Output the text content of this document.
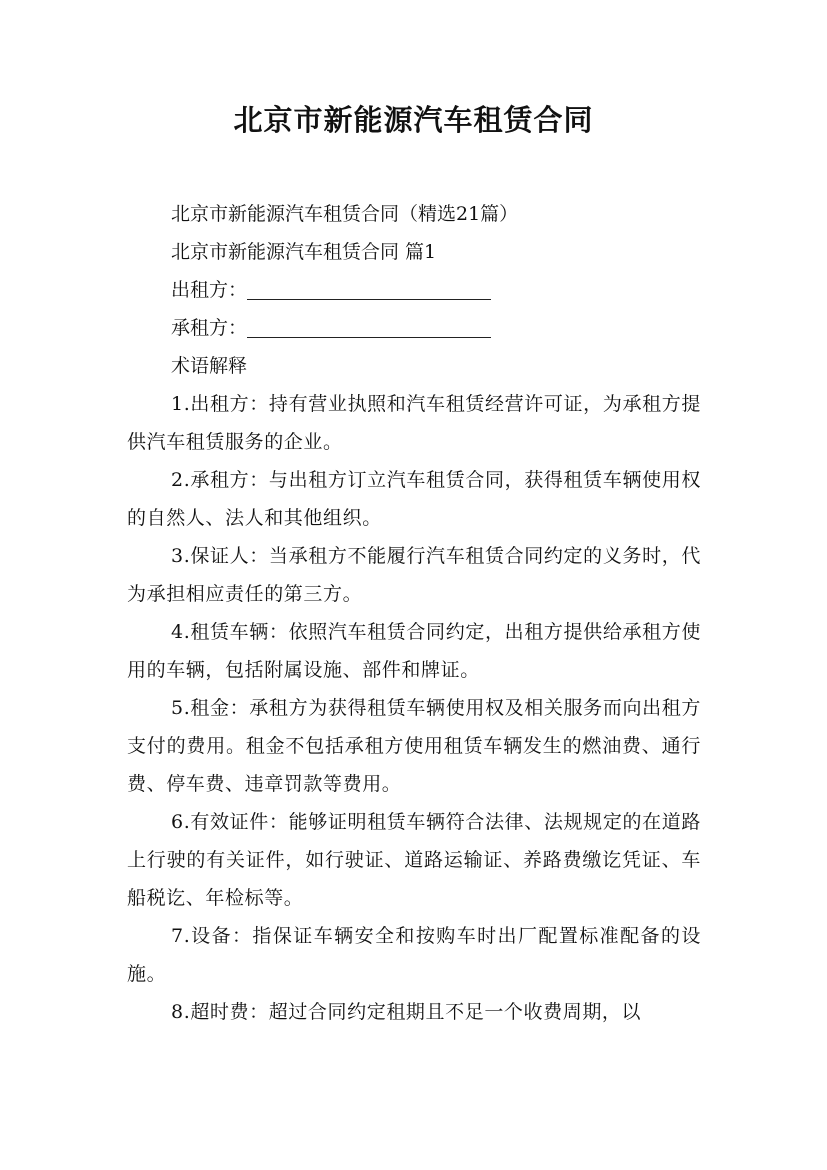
北京市新能源汽车租赁合同
北京市新能源汽车租赁合同（精选21篇）
北京市新能源汽车租赁合同 篇1
出租方：
承租方：
术语解释
1.出租方：持有营业执照和汽车租赁经营许可证，为承租方提供汽车租赁服务的企业。
2.承租方：与出租方订立汽车租赁合同，获得租赁车辆使用权的自然人、法人和其他组织。
3.保证人：当承租方不能履行汽车租赁合同约定的义务时，代为承担相应责任的第三方。
4.租赁车辆：依照汽车租赁合同约定，出租方提供给承租方使用的车辆，包括附属设施、部件和牌证。
5.租金：承租方为获得租赁车辆使用权及相关服务而向出租方支付的费用。租金不包括承租方使用租赁车辆发生的燃油费、通行费、停车费、违章罚款等费用。
6.有效证件：能够证明租赁车辆符合法律、法规规定的在道路上行驶的有关证件，如行驶证、道路运输证、养路费缴讫凭证、车船税讫、年检标等。
7.设备：指保证车辆安全和按购车时出厂配置标准配备的设施。
8.超时费：超过合同约定租期且不足一个收费周期，以
